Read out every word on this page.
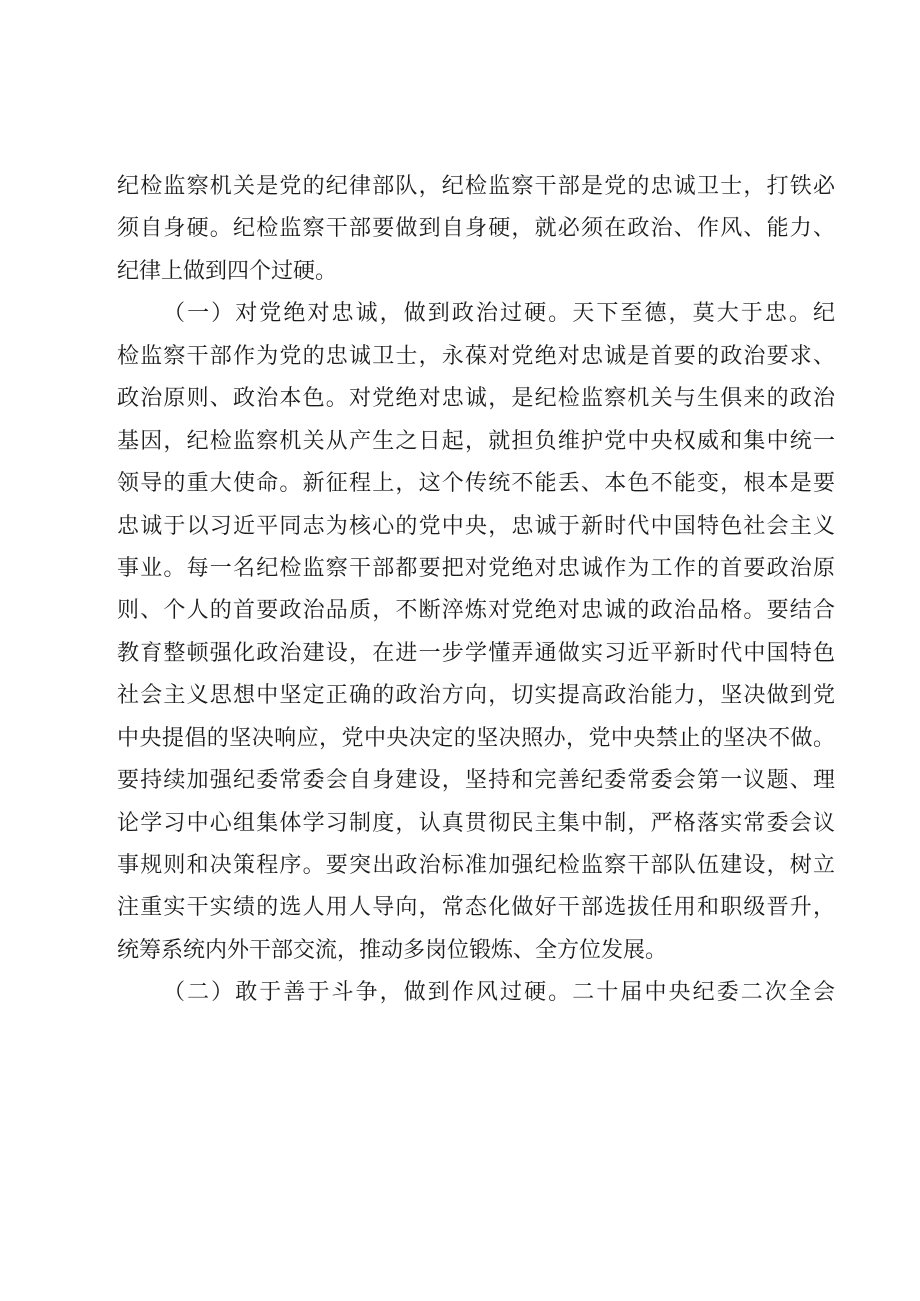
纪检监察机关是党的纪律部队，纪检监察干部是党的忠诚卫士，打铁必
须自身硬。纪检监察干部要做到自身硬，就必须在政治、作风、能力、
纪律上做到四个过硬。
（一）对党绝对忠诚，做到政治过硬。天下至德，莫大于忠。纪
检监察干部作为党的忠诚卫士，永葆对党绝对忠诚是首要的政治要求、
政治原则、政治本色。对党绝对忠诚，是纪检监察机关与生俱来的政治
基因，纪检监察机关从产生之日起，就担负维护党中央权威和集中统一
领导的重大使命。新征程上，这个传统不能丢、本色不能变，根本是要
忠诚于以习近平同志为核心的党中央，忠诚于新时代中国特色社会主义
事业。每一名纪检监察干部都要把对党绝对忠诚作为工作的首要政治原
则、个人的首要政治品质，不断淬炼对党绝对忠诚的政治品格。要结合
教育整顿强化政治建设，在进一步学懂弄通做实习近平新时代中国特色
社会主义思想中坚定正确的政治方向，切实提高政治能力，坚决做到党
中央提倡的坚决响应，党中央决定的坚决照办，党中央禁止的坚决不做。
要持续加强纪委常委会自身建设，坚持和完善纪委常委会第一议题、理
论学习中心组集体学习制度，认真贯彻民主集中制，严格落实常委会议
事规则和决策程序。要突出政治标准加强纪检监察干部队伍建设，树立
注重实干实绩的选人用人导向，常态化做好干部选拔任用和职级晋升，
统筹系统内外干部交流，推动多岗位锻炼、全方位发展。
（二）敢于善于斗争，做到作风过硬。二十届中央纪委二次全会
